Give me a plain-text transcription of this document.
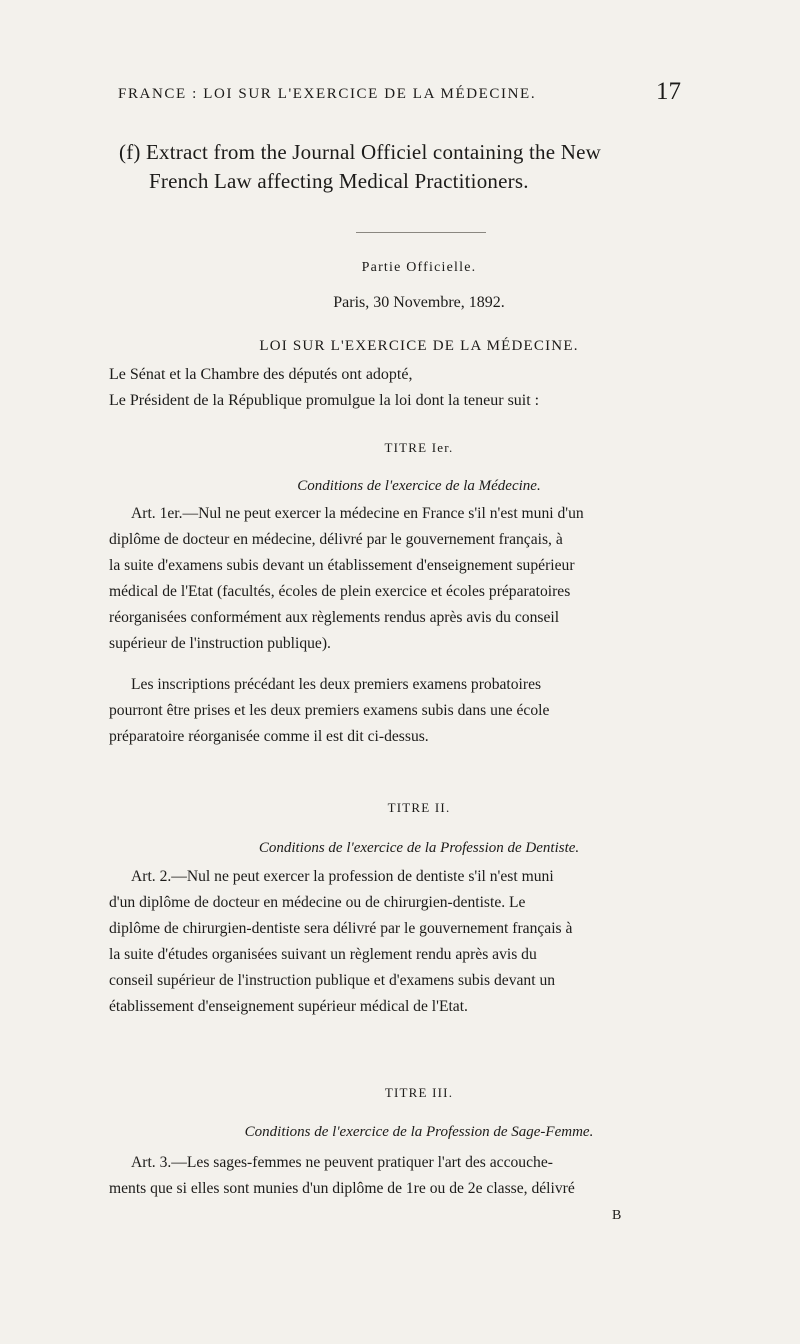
FRANCE : LOI SUR L'EXERCICE DE LA MÉDECINE.	17
(f) Extract from the Journal Officiel containing the New
French Law affecting Medical Practitioners.
Partie Officielle.
Paris, 30 Novembre, 1892.
LOI SUR L'EXERCICE DE LA MÉDECINE.

Le Sénat et la Chambre des députés ont adopté,

Le Président de la République promulgue la loi dont la teneur suit :

TITRE Ier.
Conditions de l'exercice de la Médecine.

Art. 1er.—Nul ne peut exercer la médecine en France s'il n'est muni d'un

diplôme de docteur en médecine, délivré par le gouvernement français, à

la suite d'examens subis devant un établissement d'enseignement supérieur

médical de l'Etat (facultés, écoles de plein exercice et écoles préparatoires

réorganisées conformément aux règlements rendus après avis du conseil

supérieur de l'instruction publique).

Les inscriptions précédant les deux premiers examens probatoires

pourront être prises et les deux premiers examens subis dans une école

préparatoire réorganisée comme il est dit ci-dessus.

TITRE II.
Conditions de l'exercice de la Profession de Dentiste.

Art. 2.—Nul ne peut exercer la profession de dentiste s'il n'est muni

d'un diplôme de docteur en médecine ou de chirurgien-dentiste. Le

diplôme de chirurgien-dentiste sera délivré par le gouvernement français à

la suite d'études organisées suivant un règlement rendu après avis du

conseil supérieur de l'instruction publique et d'examens subis devant un

établissement d'enseignement supérieur médical de l'Etat.

TITRE III.
Conditions de l'exercice de la Profession de Sage-Femme.

Art. 3.—Les sages-femmes ne peuvent pratiquer l'art des accouche-

ments que si elles sont munies d'un diplôme de 1re ou de 2e classe, délivré

B
